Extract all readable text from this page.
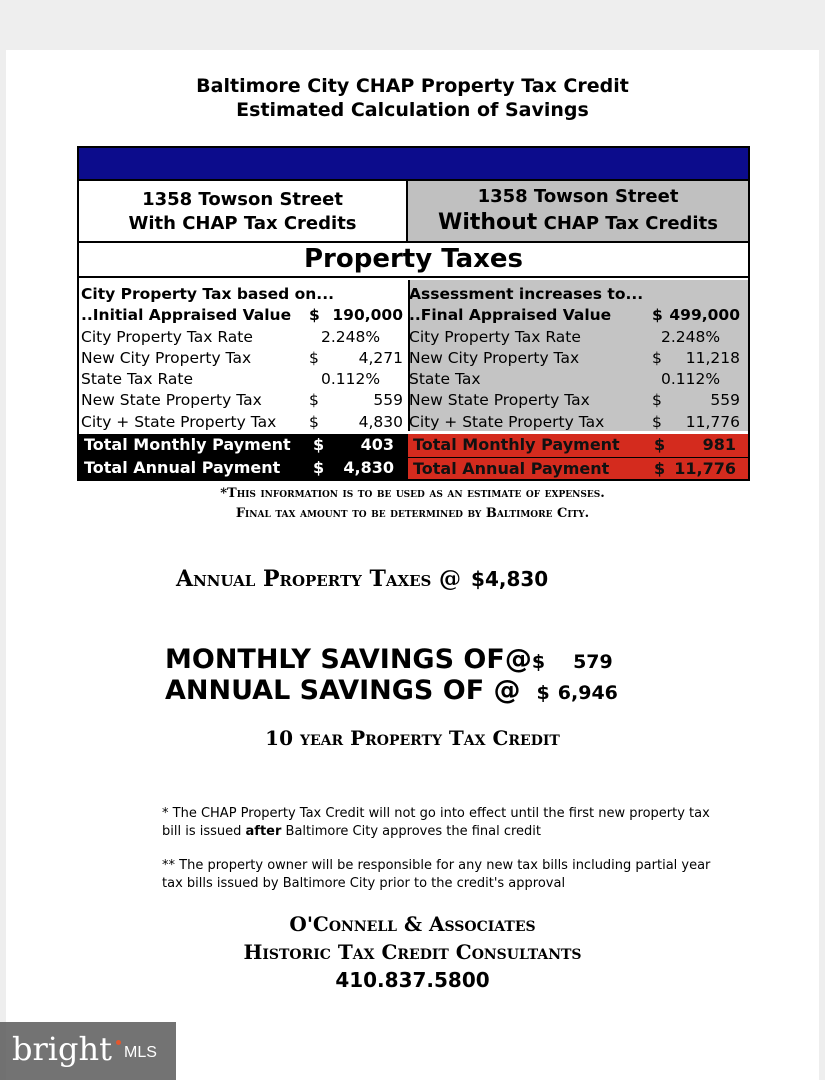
Baltimore City CHAP Property Tax Credit
Estimated Calculation of Savings
1358 Towson Street
With CHAP Tax Credits
1358 Towson Street
Without CHAP Tax Credits
Property Taxes
City Property Tax based on...
..Initial Appraised Value $ 190,000
City Property Tax Rate	2.248%
New City Property Tax	$	4,271
State Tax Rate	0.112%
New State Property Tax	$	559
City + State Property Tax $	4,830
Assessment increases to...
..Final Appraised Value	$ 499,000
City Property Tax Rate	2.248%
New City Property Tax	$ 11,218
State Tax	0.112%
New State Property Tax	$	559
City + State Property Tax	$ 11,776
Total Monthly Payment $ 403
Total Annual Payment $ 4,830
Total Monthly Payment $ 981
Total Annual Payment	$ 11,776
*This information is to be used as an estimate of expenses.
Final tax amount to be determined by Baltimore City.
Annual Property Taxes @ $4,830
MONTHLY SAVINGS OF@$ 579
ANNUAL SAVINGS OF @ $ 6,946
10 year Property Tax Credit
* The CHAP Property Tax Credit will not go into effect until the first new property tax bill is issued after Baltimore City approves the final credit
** The property owner will be responsible for any new tax bills including partial year tax bills issued by Baltimore City prior to the credit's approval
O'Connell & Associates
Historic Tax Credit Consultants
410.837.5800
bright MLS
